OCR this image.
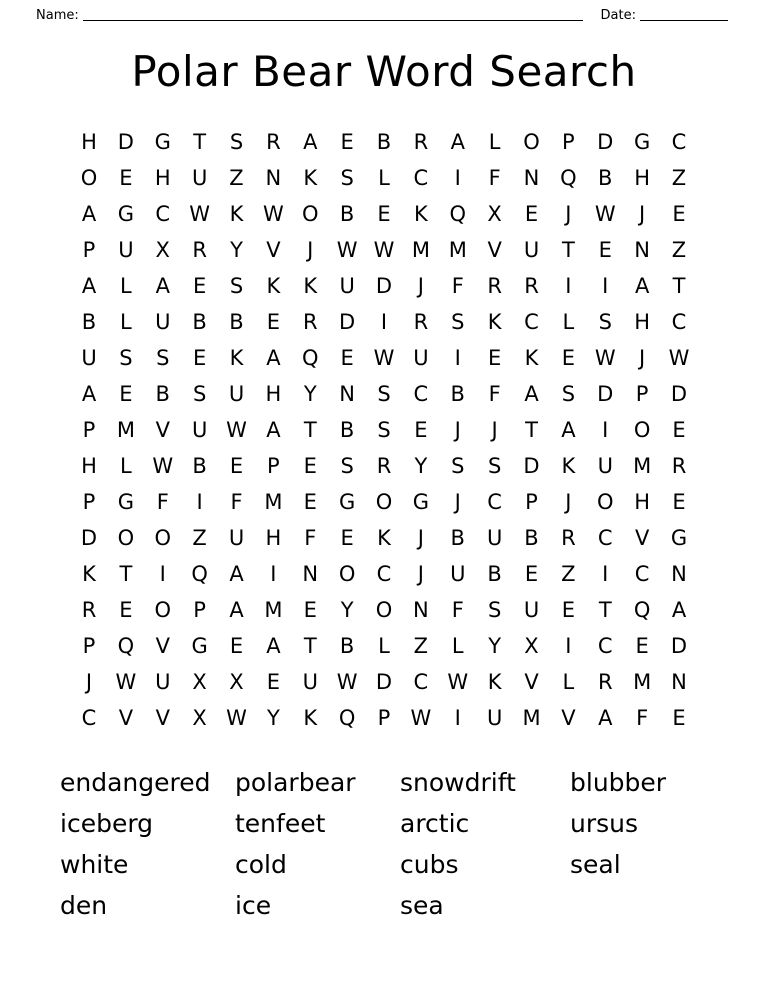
Name:	Date:
Polar Bear Word Search
H D G	T	S	R	A	E	B	R	A	L	O	P	D G	C
O	E	H	U	Z	N	K	S	L	C	I	F	N Q	B	H	Z
A	G	C W K W O	B	E	K	Q	X	E	J	W	J	E
P	U	X	R	Y	V	J	W W M M V	U	T	E	N	Z
A	L	A	E	S	K	K	U	D	J	F	R	R	I	I	A	T
B	L	U	B	B	E	R	D	I	R	S	K	C	L	S	H	C
U	S	S	E	K	A	Q	E W U	I	E	K	E W	J	W
A	E	B	S	U	H	Y	N	S	C	B	F	A	S	D	P	D
P	M V	U W A	T	B	S	E	J	J	T	A	I	O	E
H	L W B	E	P	E	S	R	Y	S	S	D	K	U M R
P	G	F	I	F	M	E	G O G	J	C	P	J	O H	E
D O O	Z	U	H	F	E	K	J	B	U	B	R	C	V	G
K	T	I	Q	A	I	N O	C	J	U	B	E	Z	I	C	N
R	E	O	P	A M	E	Y	O N	F	S	U	E	T	Q	A
P	Q	V	G	E	A	T	B	L	Z	L	Y	X	I	C	E	D
J	W U	X	X	E	U W D	C W K	V	L	R M N
C	V	V	X W Y	K	Q	P W	I	U M V	A	F	E
endangered polarbear	snowdrift	blubber
iceberg	tenfeet	arctic	ursus
white	cold	cubs	seal
den	ice	sea
